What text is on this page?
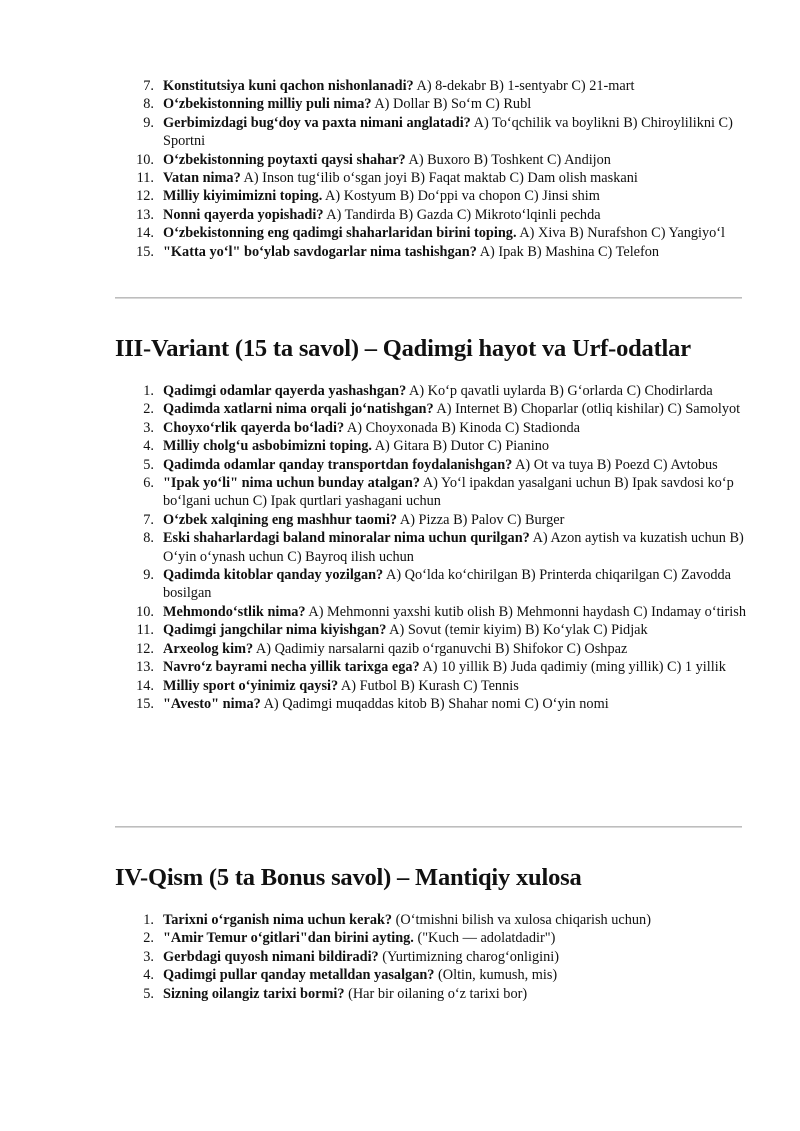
7. Konstitutsiya kuni qachon nishonlanadi? A) 8-dekabr B) 1-sentyabr C) 21-mart
8. O‘zbekistonning milliy puli nima? A) Dollar B) So‘m C) Rubl
9. Gerbimizdagi bug‘doy va paxta nimani anglatadi? A) To‘qchilik va boylikni B) Chiroylilikni C) Sportni
10. O‘zbekistonning poytaxti qaysi shahar? A) Buxoro B) Toshkent C) Andijon
11. Vatan nima? A) Inson tug‘ilib o‘sgan joyi B) Faqat maktab C) Dam olish maskani
12. Milliy kiyimimizni toping. A) Kostyum B) Do‘ppi va chopon C) Jinsi shim
13. Nonni qayerda yopishadi? A) Tandirda B) Gazda C) Mikroto‘lqinli pechda
14. O‘zbekistonning eng qadimgi shaharlaridan birini toping. A) Xiva B) Nurafshon C) Yangiyo‘l
15. "Katta yo‘l" bo‘ylab savdogarlar nima tashishgan? A) Ipak B) Mashina C) Telefon
III-Variant (15 ta savol) – Qadimgi hayot va Urf-odatlar
1. Qadimgi odamlar qayerda yashashgan? A) Ko‘p qavatli uylarda B) G‘orlarda C) Chodirlarda
2. Qadimda xatlarni nima orqali jo‘natishgan? A) Internet B) Choparlar (otliq kishilar) C) Samolyot
3. Choyxo‘rlik qayerda bo‘ladi? A) Choyxonada B) Kinoda C) Stadionda
4. Milliy cholg‘u asbobimizni toping. A) Gitara B) Dutor C) Pianino
5. Qadimda odamlar qanday transportdan foydalanishgan? A) Ot va tuya B) Poezd C) Avtobus
6. "Ipak yo‘li" nima uchun bunday atalgan? A) Yo‘l ipakdan yasalgani uchun B) Ipak savdosi ko‘p bo‘lgani uchun C) Ipak qurtlari yashagani uchun
7. O‘zbek xalqining eng mashhur taomi? A) Pizza B) Palov C) Burger
8. Eski shaharlardagi baland minoralar nima uchun qurilgan? A) Azon aytish va kuzatish uchun B) O‘yin o‘ynash uchun C) Bayroq ilish uchun
9. Qadimda kitoblar qanday yozilgan? A) Qo‘lda ko‘chirilgan B) Printerda chiqarilgan C) Zavodda bosilgan
10. Mehmondo‘stlik nima? A) Mehmonni yaxshi kutib olish B) Mehmonni haydash C) Indamay o‘tirish
11. Qadimgi jangchilar nima kiyishgan? A) Sovut (temir kiyim) B) Ko‘ylak C) Pidjak
12. Arxeolog kim? A) Qadimiy narsalarni qazib o‘rganuvchi B) Shifokor C) Oshpaz
13. Navro‘z bayrami necha yillik tarixga ega? A) 10 yillik B) Juda qadimiy (ming yillik) C) 1 yillik
14. Milliy sport o‘yinimiz qaysi? A) Futbol B) Kurash C) Tennis
15. "Avesto" nima? A) Qadimgi muqaddas kitob B) Shahar nomi C) O‘yin nomi
IV-Qism (5 ta Bonus savol) – Mantiqiy xulosa
1. Tarixni o‘rganish nima uchun kerak? (O‘tmishni bilish va xulosa chiqarish uchun)
2. "Amir Temur o‘gitlari"dan birini ayting. ("Kuch — adolatdadir")
3. Gerbdagi quyosh nimani bildiradi? (Yurtimizning charog‘onligini)
4. Qadimgi pullar qanday metalldan yasalgan? (Oltin, kumush, mis)
5. Sizning oilangiz tarixi bormi? (Har bir oilaning o‘z tarixi bor)
